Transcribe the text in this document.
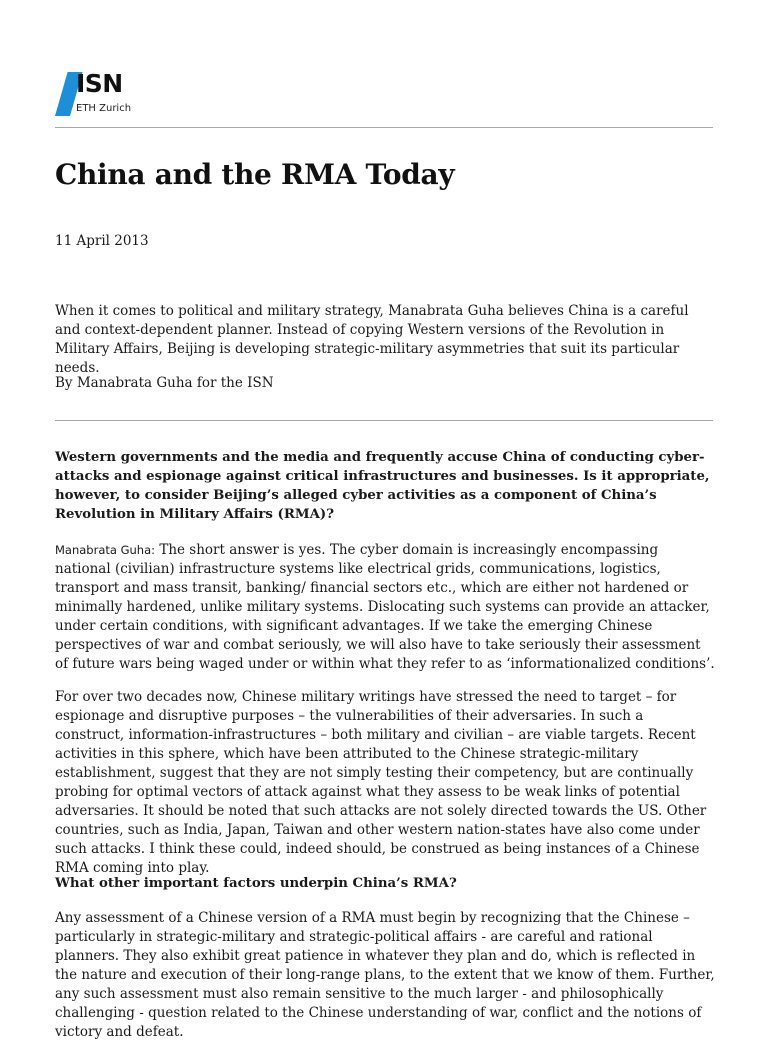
ISN
ETH Zurich
China and the RMA Today

11 April 2013

When it comes to political and military strategy, Manabrata Guha believes China is a careful and context-dependent planner. Instead of copying Western versions of the Revolution in Military Affairs, Beijing is developing strategic-military asymmetries that suit its particular needs.

By Manabrata Guha for the ISN

Western governments and the media and frequently accuse China of conducting cyber-attacks and espionage against critical infrastructures and businesses. Is it appropriate, however, to consider Beijing’s alleged cyber activities as a component of China’s Revolution in Military Affairs (RMA)?

Manabrata Guha: The short answer is yes. The cyber domain is increasingly encompassing national (civilian) infrastructure systems like electrical grids, communications, logistics, transport and mass transit, banking/ financial sectors etc., which are either not hardened or minimally hardened, unlike military systems. Dislocating such systems can provide an attacker, under certain conditions, with significant advantages. If we take the emerging Chinese perspectives of war and combat seriously, we will also have to take seriously their assessment of future wars being waged under or within what they refer to as ‘informationalized conditions’.

For over two decades now, Chinese military writings have stressed the need to target – for espionage and disruptive purposes – the vulnerabilities of their adversaries. In such a construct, information-infrastructures – both military and civilian – are viable targets. Recent activities in this sphere, which have been attributed to the Chinese strategic-military establishment, suggest that they are not simply testing their competency, but are continually probing for optimal vectors of attack against what they assess to be weak links of potential adversaries. It should be noted that such attacks are not solely directed towards the US. Other countries, such as India, Japan, Taiwan and other western nation-states have also come under such attacks. I think these could, indeed should, be construed as being instances of a Chinese RMA coming into play.

What other important factors underpin China’s RMA?

Any assessment of a Chinese version of a RMA must begin by recognizing that the Chinese – particularly in strategic-military and strategic-political affairs - are careful and rational planners. They also exhibit great patience in whatever they plan and do, which is reflected in the nature and execution of their long-range plans, to the extent that we know of them. Further, any such assessment must also remain sensitive to the much larger - and philosophically challenging - question related to the Chinese understanding of war, conflict and the notions of victory and defeat.
